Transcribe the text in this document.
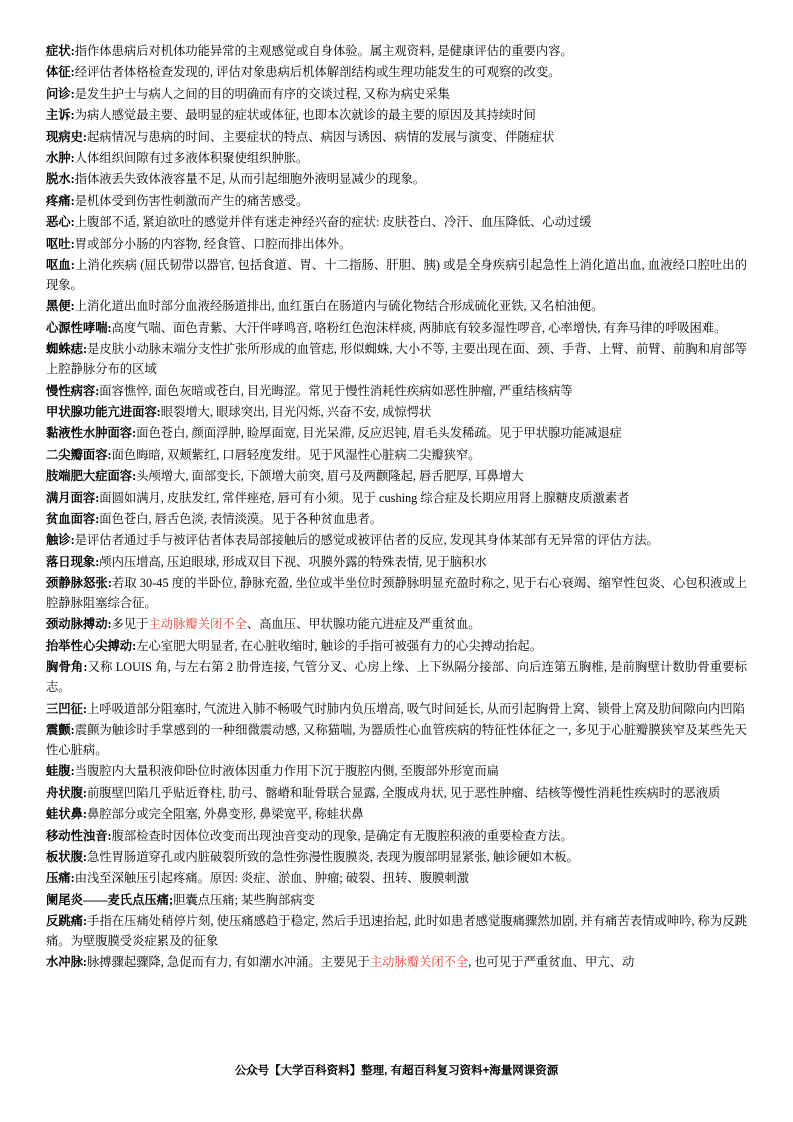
症状:指作体患病后对机体功能异常的主观感觉或自身体验。属主观资料, 是健康评估的重要内容。

体征:经评估者体格检查发现的, 评估对象患病后机体解剖结构或生理功能发生的可观察的改变。

问诊:是发生护士与病人之间的目的明确而有序的交谈过程, 又称为病史采集

主诉:为病人感觉最主要、最明显的症状或体征, 也即本次就诊的最主要的原因及其持续时间

现病史:起病情况与患病的时间、主要症状的特点、病因与诱因、病情的发展与演变、伴随症状

水肿:人体组织间隙有过多液体积聚使组织肿胀。

脱水:指体液丢失致体液容量不足, 从而引起细胞外液明显减少的现象。

疼痛:是机体受到伤害性刺激而产生的痛苦感受。

恶心:上腹部不适, 紧迫欲吐的感觉并伴有迷走神经兴奋的症状: 皮肤苍白、冷汗、血压降低、心动过缓

呕吐:胃或部分小肠的内容物, 经食管、口腔而排出体外。

呕血:上消化疾病 (屈氏韧带以器官, 包括食道、胃、十二指肠、肝胆、胰) 或是全身疾病引起急性上消化道出血, 血液经口腔吐出的现象。

黑便:上消化道出血时部分血液经肠道排出, 血红蛋白在肠道内与硫化物结合形成硫化亚铁, 又名柏油便。

心源性哮喘:高度气喘、面色青紫、大汗伴哮鸣音, 咯粉红色泡沫样痰, 两肺底有较多湿性啰音, 心率增快, 有奔马律的呼吸困难。

蜘蛛痣:是皮肤小动脉末端分支性扩张所形成的血管痣, 形似蜘蛛, 大小不等, 主要出现在面、颈、手背、上臂、前臂、前胸和肩部等上腔静脉分布的区域

慢性病容:面容憔悴, 面色灰暗或苍白, 目光晦涩。常见于慢性消耗性疾病如恶性肿瘤, 严重结核病等

甲状腺功能亢进面容:眼裂增大, 眼球突出, 目光闪烁, 兴奋不安, 成惊愕状

黏液性水肿面容:面色苍白, 颜面浮肿, 睑厚面宽, 目光呆滞, 反应迟钝, 眉毛头发稀疏。见于甲状腺功能减退症

二尖瓣面容:面色晦暗, 双颊紫红, 口唇轻度发绀。见于风湿性心脏病二尖瓣狭窄。

肢端肥大症面容:头颅增大, 面部变长, 下颌增大前突, 眉弓及两颧隆起, 唇舌肥厚, 耳鼻增大

满月面容:面圆如满月, 皮肤发红, 常伴痤疮, 唇可有小须。见于 cushing 综合症及长期应用肾上腺糖皮质激素者

贫血面容:面色苍白, 唇舌色淡, 表情淡漠。见于各种贫血患者。

触诊:是评估者通过手与被评估者体表局部接触后的感觉或被评估者的反应, 发现其身体某部有无异常的评估方法。

落日现象:颅内压增高, 压迫眼球, 形成双目下视、巩膜外露的特殊表情, 见于脑积水

颈静脉怒张:若取 30-45 度的半卧位, 静脉充盈, 坐位或半坐位时颈静脉明显充盈时称之, 见于右心衰竭、缩窄性包炎、心包积液或上腔静脉阻塞综合征。

颈动脉搏动:多见于主动脉瓣关闭不全、高血压、甲状腺功能亢进症及严重贫血。

抬举性心尖搏动:左心室肥大明显者, 在心脏收缩时, 触诊的手指可被强有力的心尖搏动抬起。

胸骨角:又称 LOUIS 角, 与左右第 2 肋骨连接, 气管分叉、心房上缘、上下纵隔分接部、向后连第五胸椎, 是前胸壁计数肋骨重要标志。

三凹征:上呼吸道部分阻塞时, 气流进入肺不畅吸气时肺内负压增高, 吸气时间延长, 从而引起胸骨上窝、锁骨上窝及肋间隙向内凹陷

震颤:震颤为触诊时手掌感到的一种细微震动感, 又称猫喘, 为器质性心血管疾病的特征性体征之一, 多见于心脏瓣膜狭窄及某些先天性心脏病。

蛙腹:当腹腔内大量积液仰卧位时液体因重力作用下沉于腹腔内侧, 至腹部外形宽而扁

舟状腹:前腹壁凹陷几乎贴近脊柱, 肋弓、髂嵴和耻骨联合显露, 全腹成舟状, 见于恶性肿瘤、结核等慢性消耗性疾病时的恶液质

蛙状鼻:鼻腔部分或完全阻塞, 外鼻变形, 鼻梁宽平, 称蛙状鼻

移动性浊音:腹部检查时因体位改变而出现浊音变动的现象, 是确定有无腹腔积液的重要检查方法。

板状腹:急性胃肠道穿孔或内脏破裂所致的急性弥漫性腹膜炎, 表现为腹部明显紧张, 触诊硬如木板。

压痛:由浅至深触压引起疼痛。原因: 炎症、淤血、肿瘤; 破裂、扭转、腹膜刺激

阑尾炎——麦氏点压痛;胆囊点压痛; 某些胸部病变

反跳痛:手指在压痛处稍停片刻, 使压痛感趋于稳定, 然后手迅速抬起, 此时如患者感觉腹痛骤然加剧, 并有痛苦表情或呻吟, 称为反跳痛。为壁腹膜受炎症累及的征象

水冲脉:脉搏骤起骤降, 急促而有力, 有如潮水冲涌。主要见于主动脉瓣关闭不全, 也可见于严重贫血、甲亢、动

公众号【大学百科资料】整理, 有超百科复习资料+海量网课资源
